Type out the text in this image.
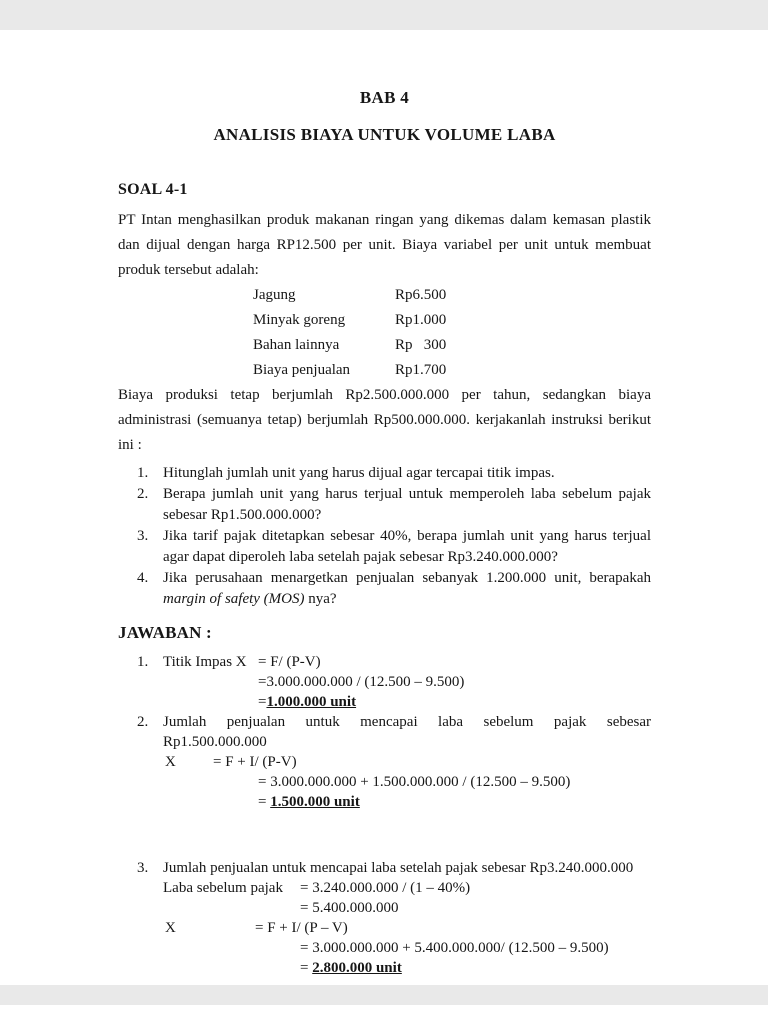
BAB 4
ANALISIS BIAYA UNTUK VOLUME LABA
SOAL 4-1

PT Intan menghasilkan produk makanan ringan yang dikemas dalam kemasan plastik dan dijual dengan harga RP12.500 per unit. Biaya variabel per unit untuk membuat produk tersebut adalah:

Jagung	Rp6.500
Minyak goreng	Rp1.000
Bahan lainnya	Rp   300
Biaya penjualan	Rp1.700

Biaya produksi tetap berjumlah Rp2.500.000.000 per tahun, sedangkan biaya administrasi (semuanya tetap) berjumlah Rp500.000.000. kerjakanlah instruksi berikut ini :

1. Hitunglah jumlah unit yang harus dijual agar tercapai titik impas.
2. Berapa jumlah unit yang harus terjual untuk memperoleh laba sebelum pajak sebesar Rp1.500.000.000?
3. Jika tarif pajak ditetapkan sebesar 40%, berapa jumlah unit yang harus terjual agar dapat diperoleh laba setelah pajak sebesar Rp3.240.000.000?
4. Jika perusahaan menargetkan penjualan sebanyak 1.200.000 unit, berapakah margin of safety (MOS) nya?
JAWABAN :
1. Titik Impas X = F/ (P-V)
=3.000.000.000 / (12.500 – 9.500)
=1.000.000 unit
2. Jumlah penjualan untuk mencapai laba sebelum pajak sebesar
Rp1.500.000.000
X	= F + I/ (P-V)
= 3.000.000.000 + 1.500.000.000 / (12.500 – 9.500)
= 1.500.000 unit
3. Jumlah penjualan untuk mencapai laba setelah pajak sebesar Rp3.240.000.000
Laba sebelum pajak	= 3.240.000.000 / (1 – 40%)
= 5.400.000.000
X	= F + I/ (P – V)
= 3.000.000.000 + 5.400.000.000/ (12.500 – 9.500)
= 2.800.000 unit
